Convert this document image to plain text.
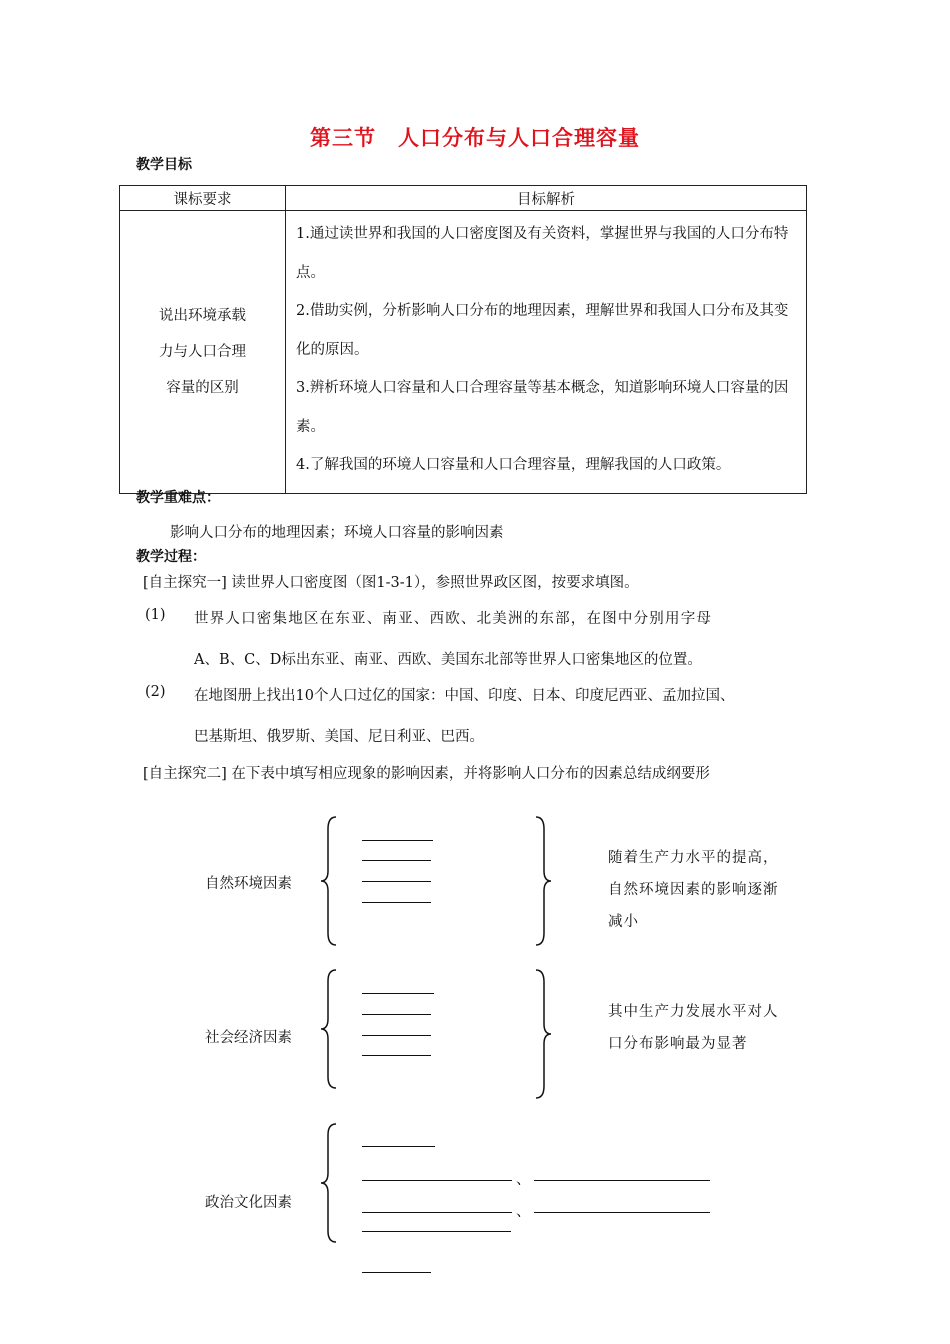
第三节　人口分布与人口合理容量
教学目标
课标要求	目标解析

说出环境承载
力与人口合理
容量的区别	1.通过读世界和我国的人口密度图及有关资料，掌握世界与我国的人口分布特点。
2.借助实例，分析影响人口分布的地理因素，理解世界和我国人口分布及其变化的原因。
3.辨析环境人口容量和人口合理容量等基本概念，知道影响环境人口容量的因素。
4.了解我国的环境人口容量和人口合理容量，理解我国的人口政策。
教学重难点：
影响人口分布的地理因素；环境人口容量的影响因素
教学过程：
[自主探究一] 读世界人口密度图（图1-3-1），参照世界政区图，按要求填图。
(1) 世界人口密集地区在东亚、南亚、西欧、北美洲的东部，在图中分别用字母
A、B、C、D标出东亚、南亚、西欧、美国东北部等世界人口密集地区的位置。
(2) 在地图册上找出10个人口过亿的国家：中国、印度、日本、印度尼西亚、孟加拉国、
巴基斯坦、俄罗斯、美国、尼日利亚、巴西。
[自主探究二] 在下表中填写相应现象的影响因素，并将影响人口分布的因素总结成纲要形
自然环境因素
随着生产力水平的提高，自然环境因素的影响逐渐减小
社会经济因素
其中生产力发展水平对人口分布影响最为显著
政治文化因素
、
、
